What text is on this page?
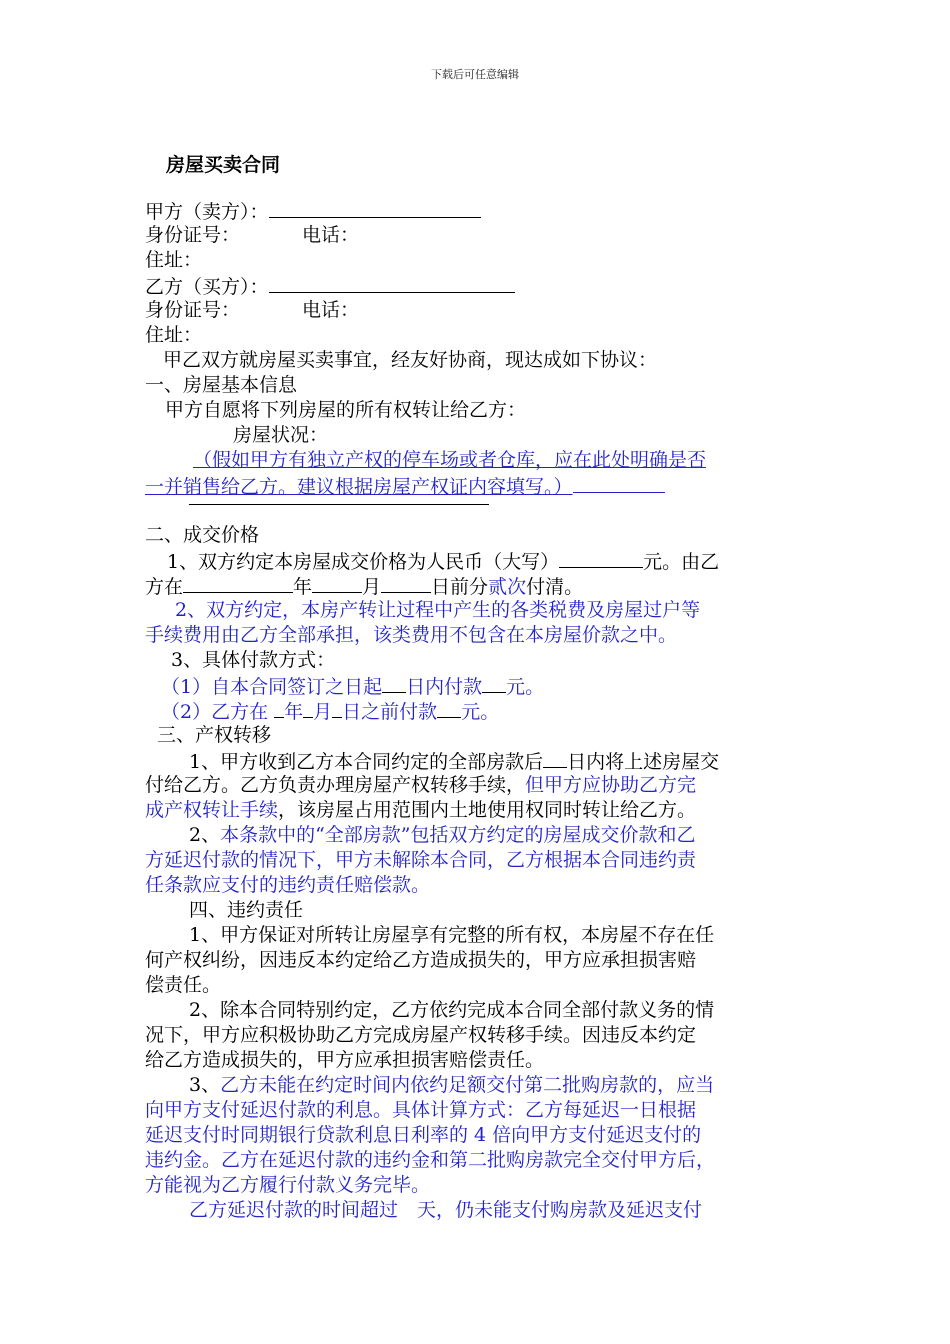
下载后可任意编辑
房屋买卖合同
甲方（卖方）：
身份证号：	电话：
住址：
乙方（买方）：
身份证号：	电话：
住址：
甲乙双方就房屋买卖事宜，经友好协商，现达成如下协议：
一、房屋基本信息
甲方自愿将下列房屋的所有权转让给乙方：
房屋状况：
（假如甲方有独立产权的停车场或者仓库，应在此处明确是否
一并销售给乙方。建议根据房屋产权证内容填写。）
二、成交价格
1、双方约定本房屋成交价格为人民币（大写）	元。由乙
方在	年	月	日前分贰次付清。
2、双方约定，本房产转让过程中产生的各类税费及房屋过户等
手续费用由乙方全部承担，该类费用不包含在本房屋价款之中。
3、具体付款方式：
（1）自本合同签订之日起 日内付款 元。
（2）乙方在 年 月 日之前付款 元。
三、产权转移
1、甲方收到乙方本合同约定的全部房款后 日内将上述房屋交
付给乙方。乙方负责办理房屋产权转移手续，但甲方应协助乙方完
成产权转让手续，该房屋占用范围内土地使用权同时转让给乙方。
2、本条款中的“全部房款”包括双方约定的房屋成交价款和乙
方延迟付款的情况下，甲方未解除本合同，乙方根据本合同违约责
任条款应支付的违约责任赔偿款。
四、违约责任
1、甲方保证对所转让房屋享有完整的所有权，本房屋不存在任
何产权纠纷，因违反本约定给乙方造成损失的，甲方应承担损害赔
偿责任。
2、除本合同特别约定，乙方依约完成本合同全部付款义务的情
况下，甲方应积极协助乙方完成房屋产权转移手续。因违反本约定
给乙方造成损失的，甲方应承担损害赔偿责任。
3、乙方未能在约定时间内依约足额交付第二批购房款的，应当
向甲方支付延迟付款的利息。具体计算方式：乙方每延迟一日根据
延迟支付时同期银行贷款利息日利率的 4 倍向甲方支付延迟支付的
违约金。乙方在延迟付款的违约金和第二批购房款完全交付甲方后，
方能视为乙方履行付款义务完毕。
乙方延迟付款的时间超过　天，仍未能支付购房款及延迟支付
